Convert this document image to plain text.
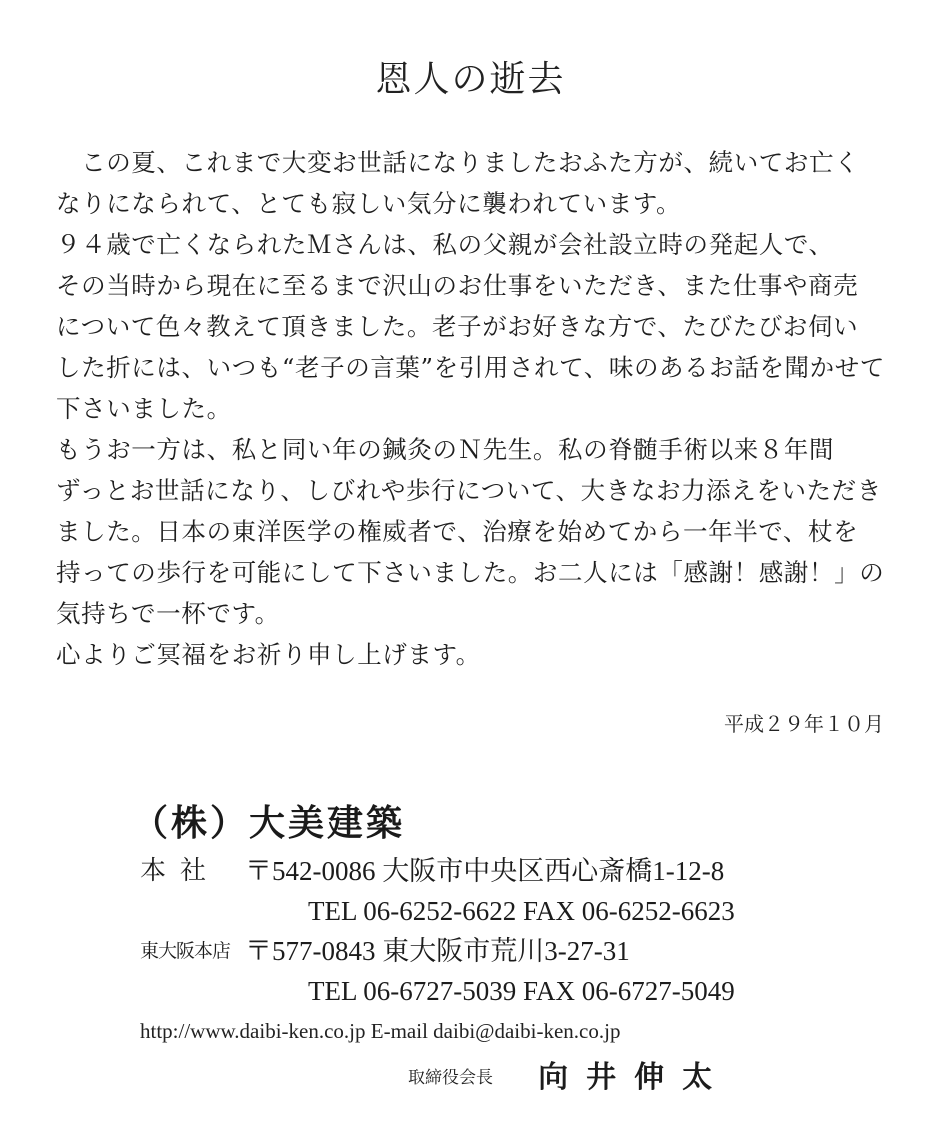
恩人の逝去
　この夏、これまで大変お世話になりましたおふた方が、続いてお亡く
なりになられて、とても寂しい気分に襲われています。
９４歳で亡くなられたＭさんは、私の父親が会社設立時の発起人で、
その当時から現在に至るまで沢山のお仕事をいただき、また仕事や商売
について色々教えて頂きました。老子がお好きな方で、たびたびお伺い
した折には、いつも“老子の言葉”を引用されて、味のあるお話を聞かせて
下さいました。
もうお一方は、私と同い年の鍼灸のＮ先生。私の脊髄手術以来８年間
ずっとお世話になり、しびれや歩行について、大きなお力添えをいただき
ました。日本の東洋医学の権威者で、治療を始めてから一年半で、杖を
持っての歩行を可能にして下さいました。お二人には「感謝！感謝！」の
気持ちで一杯です。
心よりご冥福をお祈り申し上げます。
平成２９年１０月
（株）大美建築
本社 〒542-0086 大阪市中央区西心斎橋1-12-8
TEL 06-6252-6622 FAX 06-6252-6623
東大阪本店 〒577-0843 東大阪市荒川3-27-31
TEL 06-6727-5039 FAX 06-6727-5049
http://www.daibi-ken.co.jp E-mail daibi@daibi-ken.co.jp
取締役会長 向井伸太
